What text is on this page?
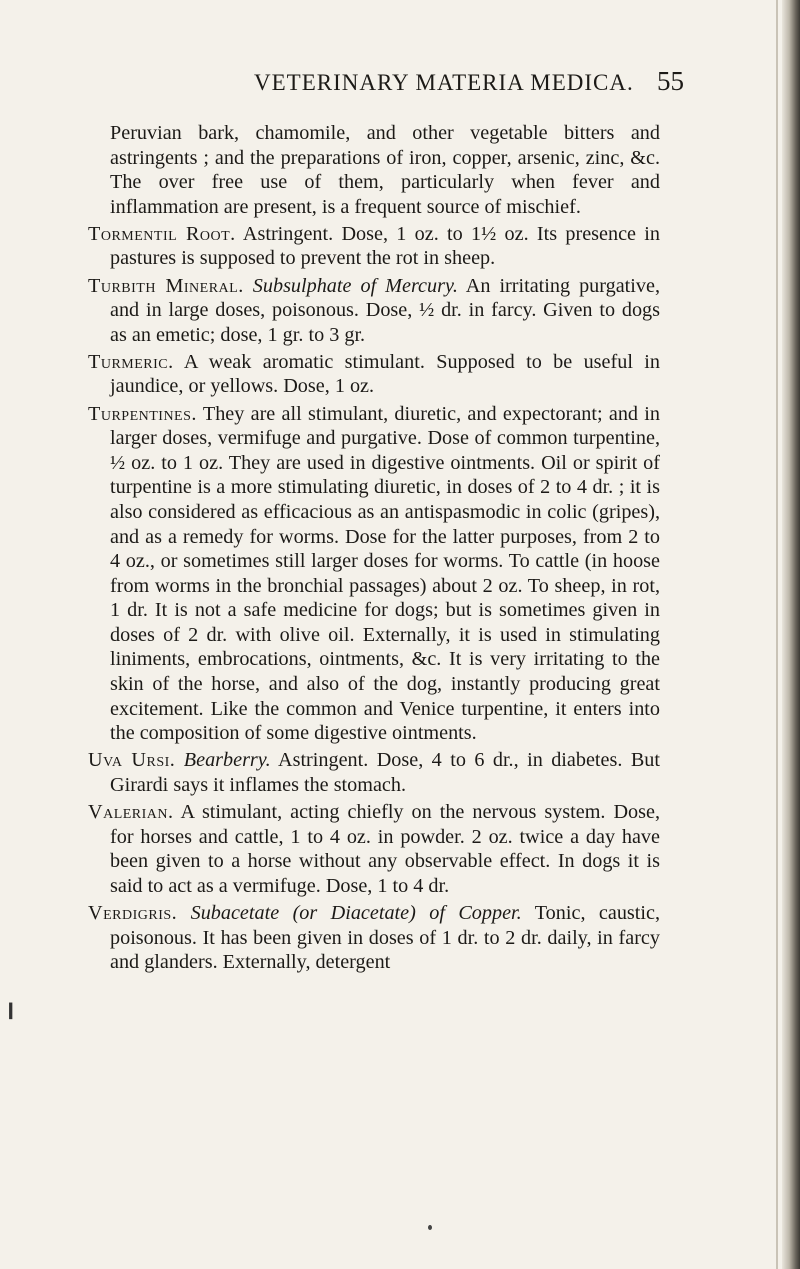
VETERINARY MATERIA MEDICA. 55

Peruvian bark, chamomile, and other vegetable bitters and astringents ; and the preparations of iron, copper, arsenic, zinc, &c. The over free use of them, particularly when fever and inflammation are present, is a frequent source of mischief.

Tormentil Root. Astringent. Dose, 1 oz. to 1½ oz. Its presence in pastures is supposed to prevent the rot in sheep.

Turbith Mineral. Subsulphate of Mercury. An irritating purgative, and in large doses, poisonous. Dose, ½ dr. in farcy. Given to dogs as an emetic; dose, 1 gr. to 3 gr.

Turmeric. A weak aromatic stimulant. Supposed to be useful in jaundice, or yellows. Dose, 1 oz.

Turpentines. They are all stimulant, diuretic, and expectorant; and in larger doses, vermifuge and purgative. Dose of common turpentine, ½ oz. to 1 oz. They are used in digestive ointments. Oil or spirit of turpentine is a more stimulating diuretic, in doses of 2 to 4 dr. ; it is also considered as efficacious as an antispasmodic in colic (gripes), and as a remedy for worms. Dose for the latter purposes, from 2 to 4 oz., or sometimes still larger doses for worms. To cattle (in hoose from worms in the bronchial passages) about 2 oz. To sheep, in rot, 1 dr. It is not a safe medicine for dogs; but is sometimes given in doses of 2 dr. with olive oil. Externally, it is used in stimulating liniments, embrocations, ointments, &c. It is very irritating to the skin of the horse, and also of the dog, instantly producing great excitement. Like the common and Venice turpentine, it enters into the composition of some digestive ointments.

Uva Ursi. Bearberry. Astringent. Dose, 4 to 6 dr., in diabetes. But Girardi says it inflames the stomach.

Valerian. A stimulant, acting chiefly on the nervous system. Dose, for horses and cattle, 1 to 4 oz. in powder. 2 oz. twice a day have been given to a horse without any observable effect. In dogs it is said to act as a vermifuge. Dose, 1 to 4 dr.

Verdigris. Subacetate (or Diacetate) of Copper. Tonic, caustic, poisonous. It has been given in doses of 1 dr. to 2 dr. daily, in farcy and glanders. Externally, detergent

❙
